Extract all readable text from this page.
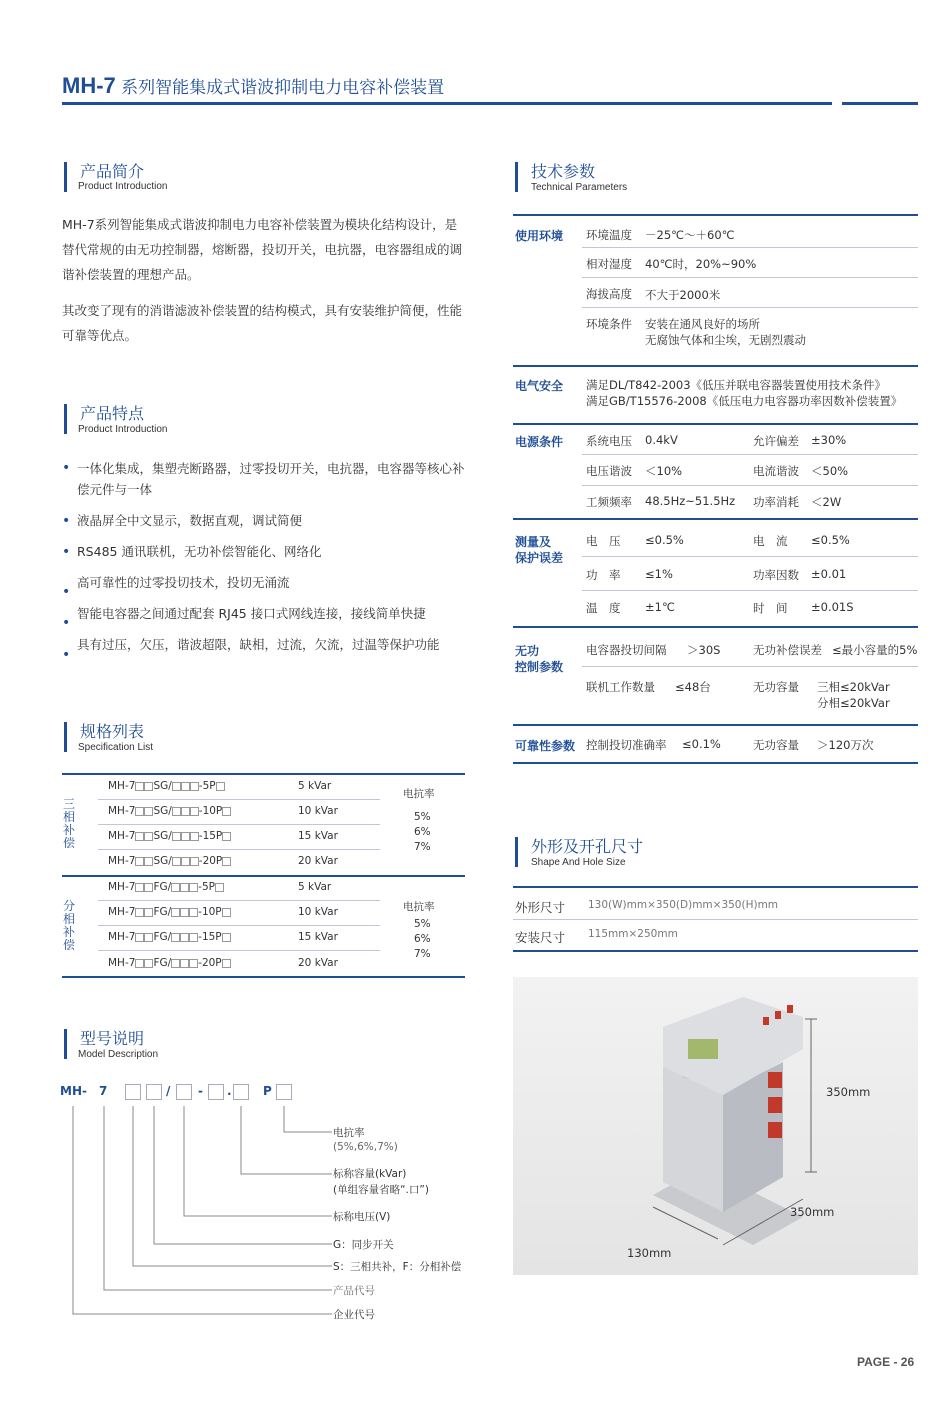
MH-7 系列智能集成式谐波抑制电力电容补偿装置
产品简介
Product Introduction
MH-7系列智能集成式谐波抑制电力电容补偿装置为模块化结构设计，是替代常规的由无功控制器，熔断器，投切开关，电抗器，电容器组成的调谐补偿装置的理想产品。
其改变了现有的消谐滤波补偿装置的结构模式，具有安装维护简便，性能可靠等优点。
产品特点
Product Introduction
• 一体化集成，集塑壳断路器，过零投切开关，电抗器，电容器等核心补偿元件与一体
• 液晶屏全中文显示，数据直观，调试简便
• RS485 通讯联机，无功补偿智能化、网络化
•
高可靠性的过零投切技术，投切无涌流
•
智能电容器之间通过配套 RJ45 接口式网线连接，接线简单快捷
•
具有过压，欠压，谐波超限，缺相，过流，欠流，过温等保护功能
规格列表
Specification List
三相补偿
MH-7 SG/	-5P	5 kVar
MH-7 SG/	-10P	10 kVar
MH-7 SG/	-15P	15 kVar
MH-7 SG/	-20P	20 kVar
电抗率
5%
6%
7%
分相补偿
MH-7 FG/	-5P	5 kVar
MH-7 FG/	-10P	10 kVar
MH-7 FG/	-15P	15 kVar
MH-7 FG/	-20P	20 kVar
电抗率
5%
6%
7%
型号说明
Model Description
MH- 7	/ - .	P
电抗率
(5%,6%,7%)
标称容量(kVar)
(单组容量省略“.口”)
标称电压(V)
G：同步开关
S：三相共补，F：分相补偿
产品代号
企业代号
技术参数
Technical Parameters
使用环境 环境温度 －25℃～＋60℃
相对湿度 40℃时，20%~90%
海拔高度 不大于2000米
环境条件 安装在通风良好的场所
无腐蚀气体和尘埃，无剧烈震动
电气安全 满足DL/T842-2003《低压并联电容器装置使用技术条件》
满足GB/T15576-2008《低压电力电容器功率因数补偿装置》
电源条件 系统电压 0.4kV	允许偏差 ±30%
电压谐波 ＜10%	电流谐波 ＜50%
工频频率 48.5Hz~51.5Hz 功率消耗 ＜2W
测量及
保护误差
电　压 ≤0.5%	电　流 ≤0.5%
功　率 ≤1%	功率因数 ±0.01
温　度 ±1℃	时　间 ±0.01S
无功
控制参数
电容器投切间隔 ＞30S	无功补偿误差 ≤最小容量的5%
联机工作数量 ≤48台	无功容量 三相≤20kVar
分相≤20kVar
可靠性参数 控制投切准确率 ≤0.1%	无功容量 ＞120万次
外形及开孔尺寸
Shape And Hole Size
外形尺寸 130(W)mm×350(D)mm×350(H)mm
安装尺寸 115mm×250mm
350mm
350mm
130mm
PAGE - 26
